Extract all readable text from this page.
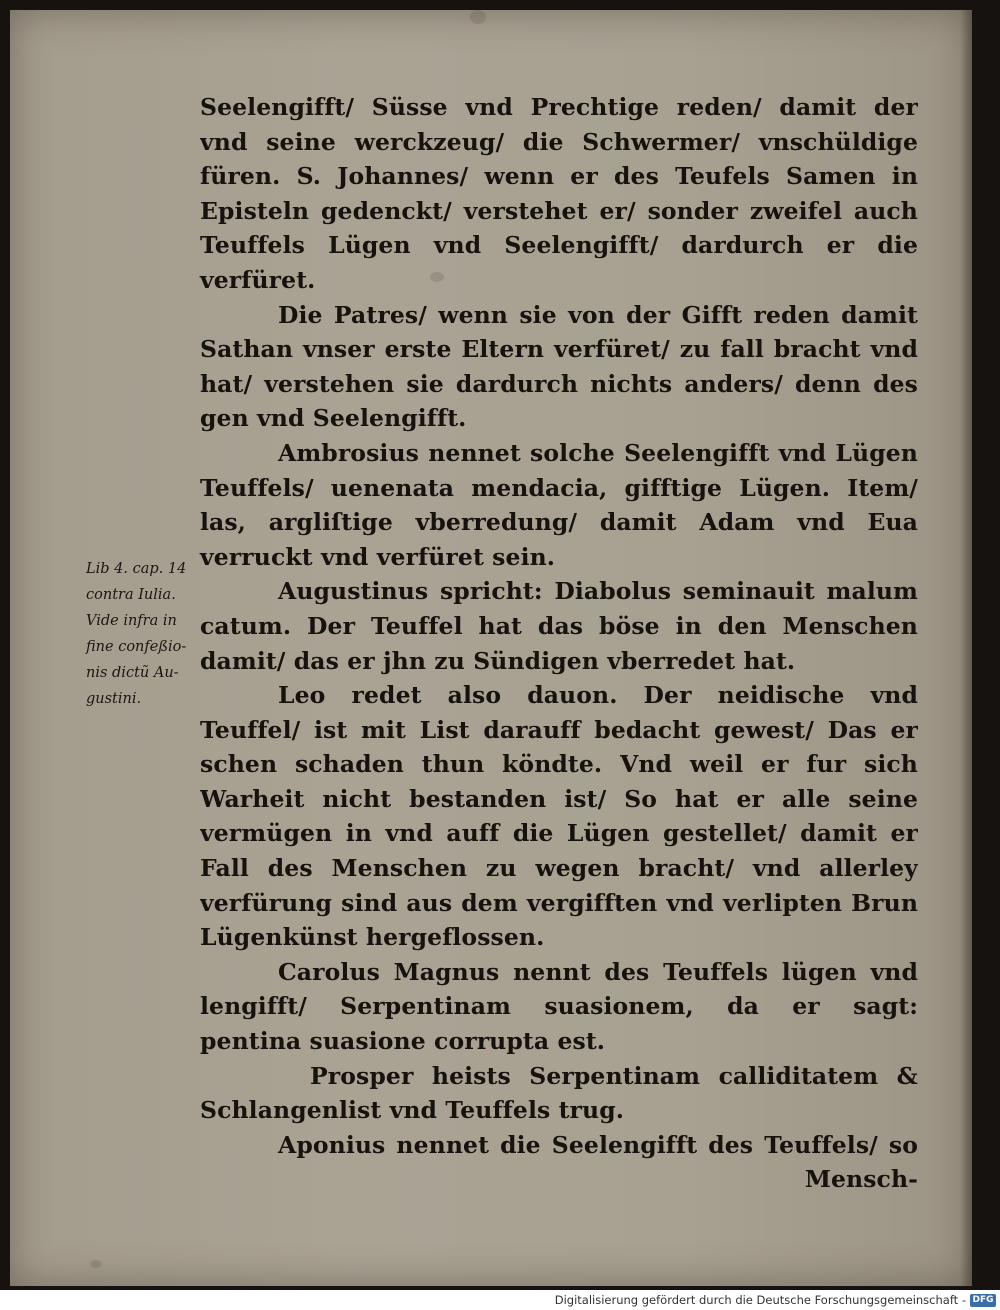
Lib 4. cap. 14
contra Iulia.
Vide infra in
fine confeßio-
nis dictũ Au-
gustini.
Seelengifft/ Süsse vnd Prechtige reden/ damit der
vnd seine werckzeug/ die Schwermer/ vnschüldige
füren. S. Johannes/ wenn er des Teufels Samen in
Episteln gedenckt/ verstehet er/ sonder zweifel auch
Teuffels Lügen vnd Seelengifft/ dardurch er die
verfüret.
Die Patres/ wenn sie von der Gifft reden damit
Sathan vnser erste Eltern verfüret/ zu fall bracht vnd
hat/ verstehen sie dardurch nichts anders/ denn des
gen vnd Seelengifft.
Ambrosius nennet solche Seelengifft vnd Lügen
Teuffels/ uenenata mendacia, gifftige Lügen. Item/
las, argliſtige vberredung/ damit Adam vnd Eua
verruckt vnd verfüret sein.
Augustinus spricht: Diabolus seminauit malum
catum. Der Teuffel hat das böse in den Menschen
damit/ das er jhn zu Sündigen vberredet hat.
Leo redet also dauon. Der neidische vnd
Teuffel/ ist mit List darauff bedacht gewest/ Das er
schen schaden thun köndte. Vnd weil er fur sich
Warheit nicht bestanden ist/ So hat er alle seine
vermügen in vnd auff die Lügen gestellet/ damit er
Fall des Menschen zu wegen bracht/ vnd allerley
verfürung sind aus dem vergifften vnd verlipten Brun
Lügenkünst hergeflossen.
Carolus Magnus nennt des Teuffels lügen vnd
lengifft/ Serpentinam suasionem, da er sagt:
pentina suasione corrupta est.
Prosper heists Serpentinam calliditatem &
Schlangenlist vnd Teuffels trug.
Aponius nennet die Seelengifft des Teuffels/ so
Mensch-
Digitalisierung gefördert durch die Deutsche Forschungsgemeinschaft - DFG
